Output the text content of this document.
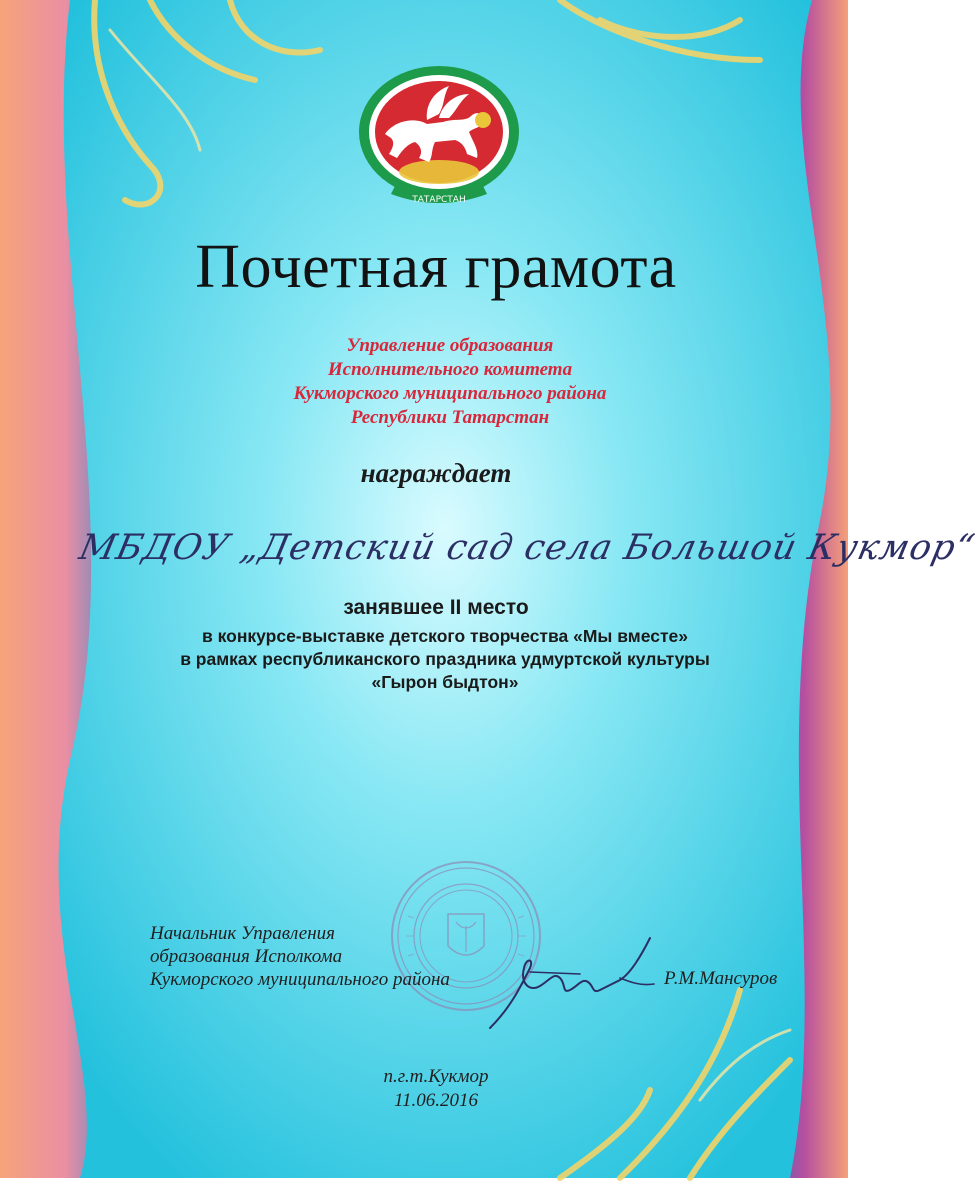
ТАТАРСТАН
Почетная грамота
Управление образования
Исполнительного комитета
Кукморского муниципального района
Республики Татарстан
награждает
МБДОУ „Детский сад села Большой Кукмор“
занявшее II место
в конкурсе-выставке детского творчества «Мы вместе»
в рамках республиканского праздника удмуртской культуры
«Гырон быдтон»
Начальник Управления
образования Исполкома
Кукморского муниципального района	Р.М.Мансуров
п.г.т.Кукмор
11.06.2016
